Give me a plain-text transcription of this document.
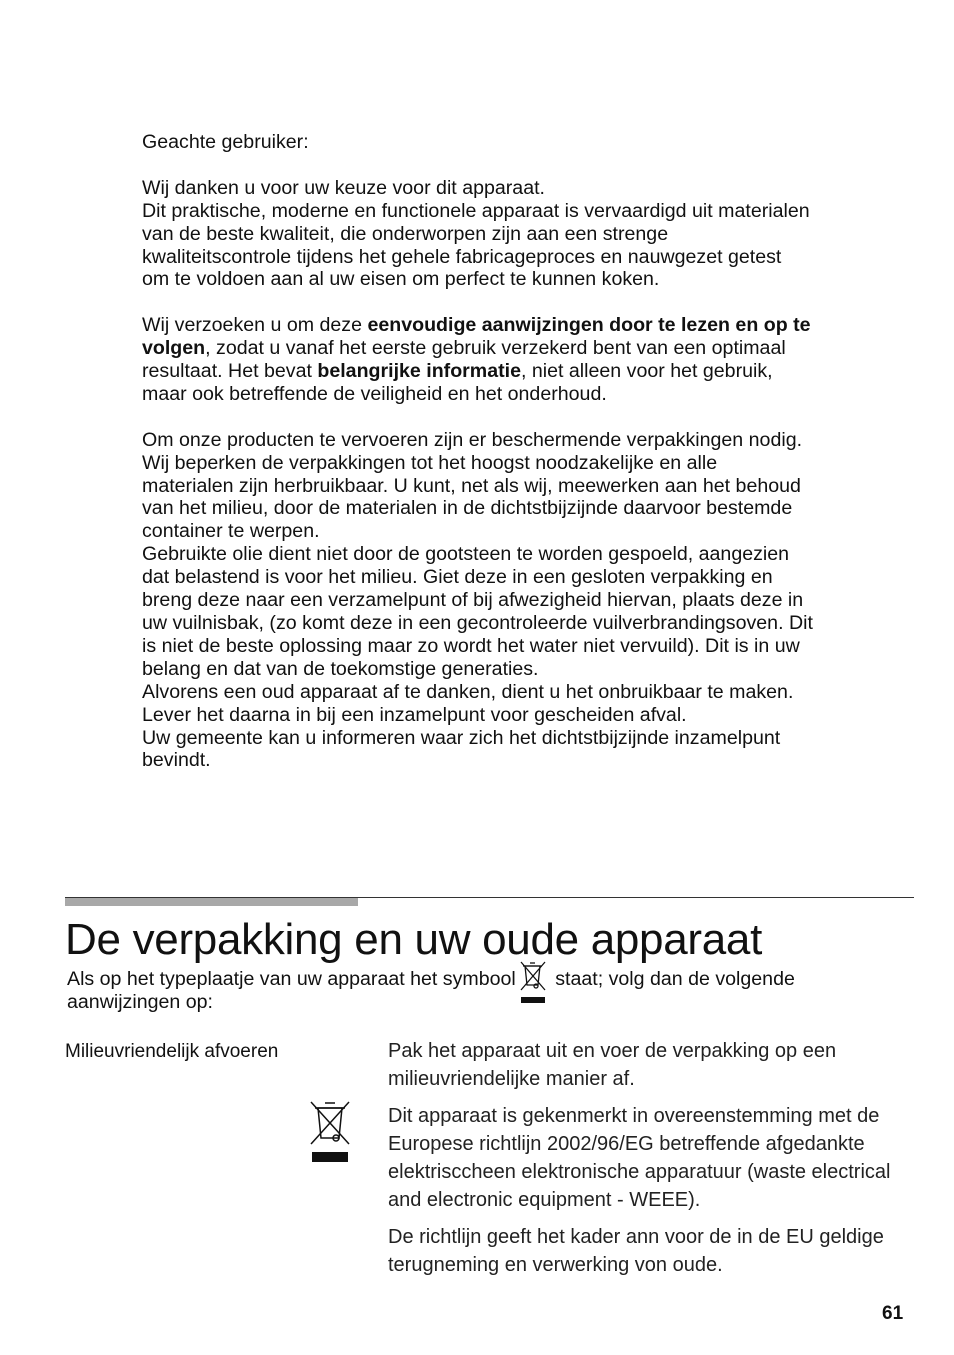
Geachte gebruiker:

Wij danken u voor uw keuze voor dit apparaat.
Dit praktische, moderne en functionele apparaat is vervaardigd uit materialen van de beste kwaliteit, die onderworpen zijn aan een strenge kwaliteitscontrole tijdens het gehele fabricageproces en nauwgezet getest om te voldoen aan al uw eisen om perfect te kunnen koken.

Wij verzoeken u om deze eenvoudige aanwijzingen door te lezen en op te volgen, zodat u vanaf het eerste gebruik verzekerd bent van een optimaal resultaat. Het bevat belangrijke informatie, niet alleen voor het gebruik, maar ook betreffende de veiligheid en het onderhoud.

Om onze producten te vervoeren zijn er beschermende verpakkingen nodig. Wij beperken de verpakkingen tot het hoogst noodzakelijke en alle materialen zijn herbruikbaar. U kunt, net als wij, meewerken aan het behoud van het milieu, door de materialen in de dichtstbijzijnde daarvoor bestemde container te werpen.
Gebruikte olie dient niet door de gootsteen te worden gespoeld, aangezien dat belastend is voor het milieu. Giet deze in een gesloten verpakking en breng deze naar een verzamelpunt of bij afwezigheid hiervan, plaats deze in uw vuilnisbak, (zo komt deze in een gecontroleerde vuilverbrandingsoven. Dit is niet de beste oplossing maar zo wordt het water niet vervuild). Dit is in uw belang en dat van de toekomstige generaties.
Alvorens een oud apparaat af te danken, dient u het onbruikbaar te maken. Lever het daarna in bij een inzamelpunt voor gescheiden afval.
Uw gemeente kan u informeren waar zich het dichtstbijzijnde inzamelpunt bevindt.

De verpakking en uw oude apparaat
Als op het typeplaatje van uw apparaat het symbool
staat; volg dan de volgende aanwijzingen op:
Milieuvriendelijk afvoeren	Pak het apparaat uit en voer de verpakking op een milieuvriendelijke manier af.

Dit apparaat is gekenmerkt in overeenstemming met de Europese richtlijn 2002/96/EG betreffende afgedankte elektrisccheen elektronische apparatuur (waste electrical and electronic equipment - WEEE).

De richtlijn geeft het kader ann voor de in de EU geldige terugneming en verwerking von oude.

61
